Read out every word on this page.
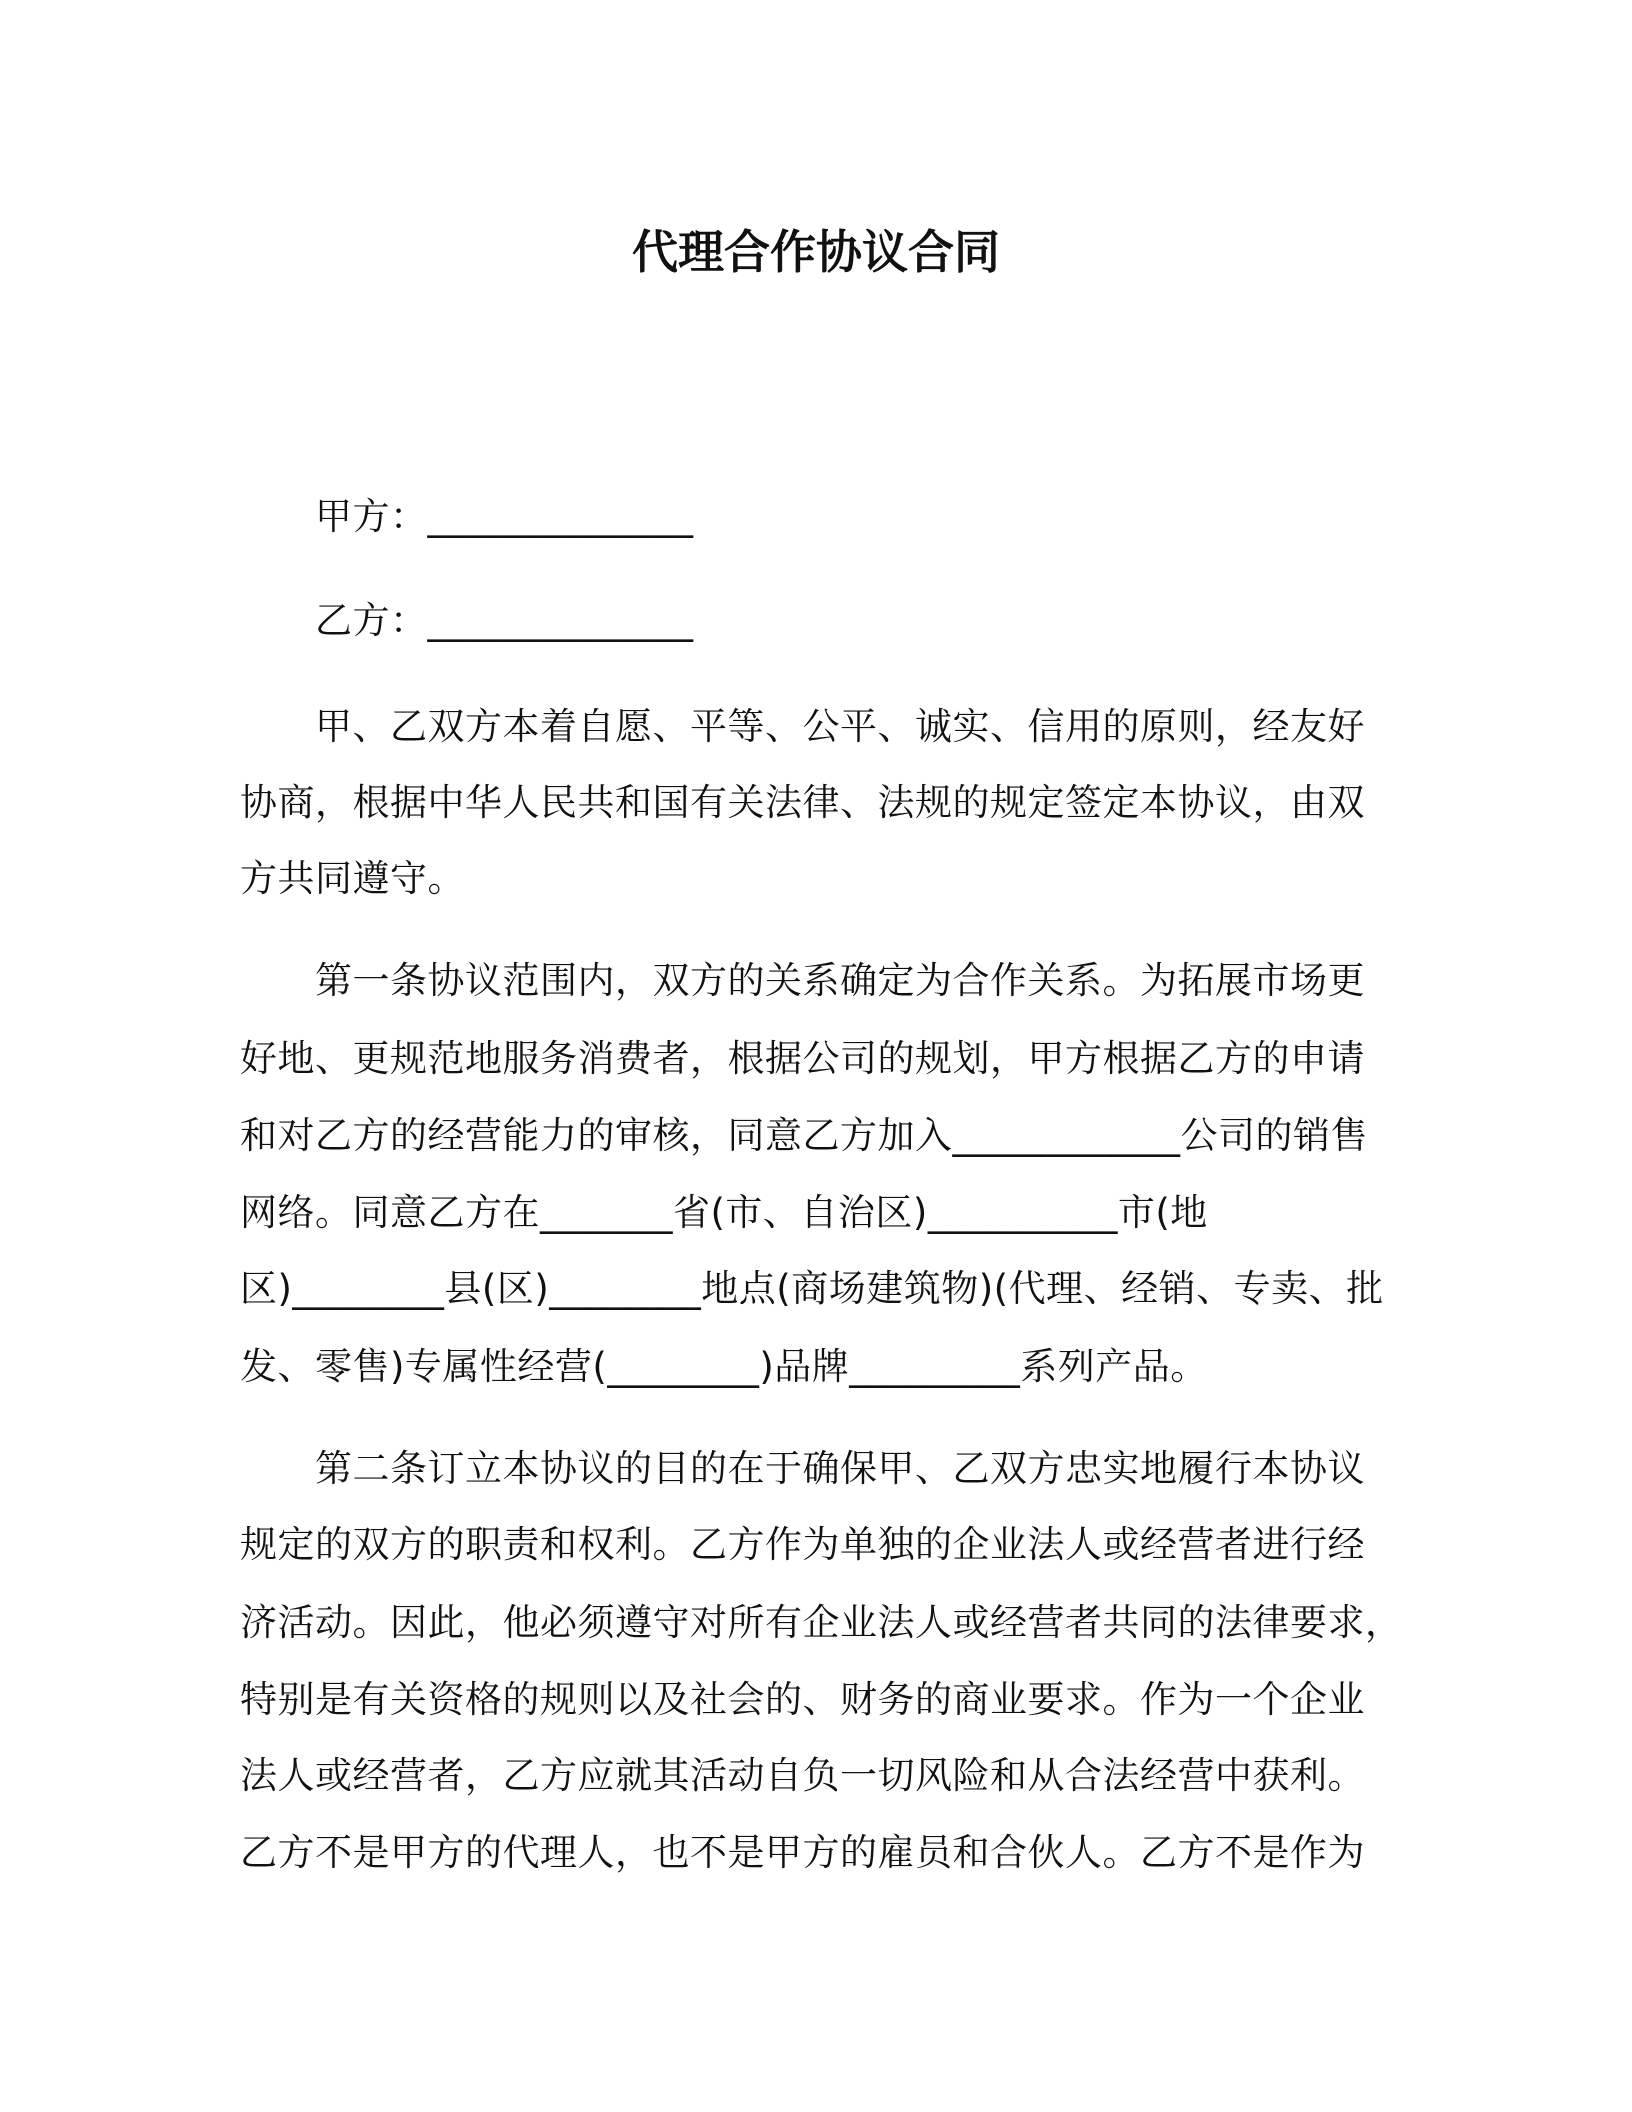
代理合作协议合同
甲方：______________
乙方：______________
甲、乙双方本着自愿、平等、公平、诚实、信用的原则，经友好
协商，根据中华人民共和国有关法律、法规的规定签定本协议，由双
方共同遵守。
第一条协议范围内，双方的关系确定为合作关系。为拓展市场更
好地、更规范地服务消费者，根据公司的规划，甲方根据乙方的申请
和对乙方的经营能力的审核，同意乙方加入____________公司的销售
网络。同意乙方在_______省(市、自治区)__________市(地
区)________县(区)________地点(商场建筑物)(代理、经销、专卖、批
发、零售)专属性经营(________)品牌_________系列产品。
第二条订立本协议的目的在于确保甲、乙双方忠实地履行本协议
规定的双方的职责和权利。乙方作为单独的企业法人或经营者进行经
济活动。因此，他必须遵守对所有企业法人或经营者共同的法律要求，
特别是有关资格的规则以及社会的、财务的商业要求。作为一个企业
法人或经营者，乙方应就其活动自负一切风险和从合法经营中获利。
乙方不是甲方的代理人，也不是甲方的雇员和合伙人。乙方不是作为
